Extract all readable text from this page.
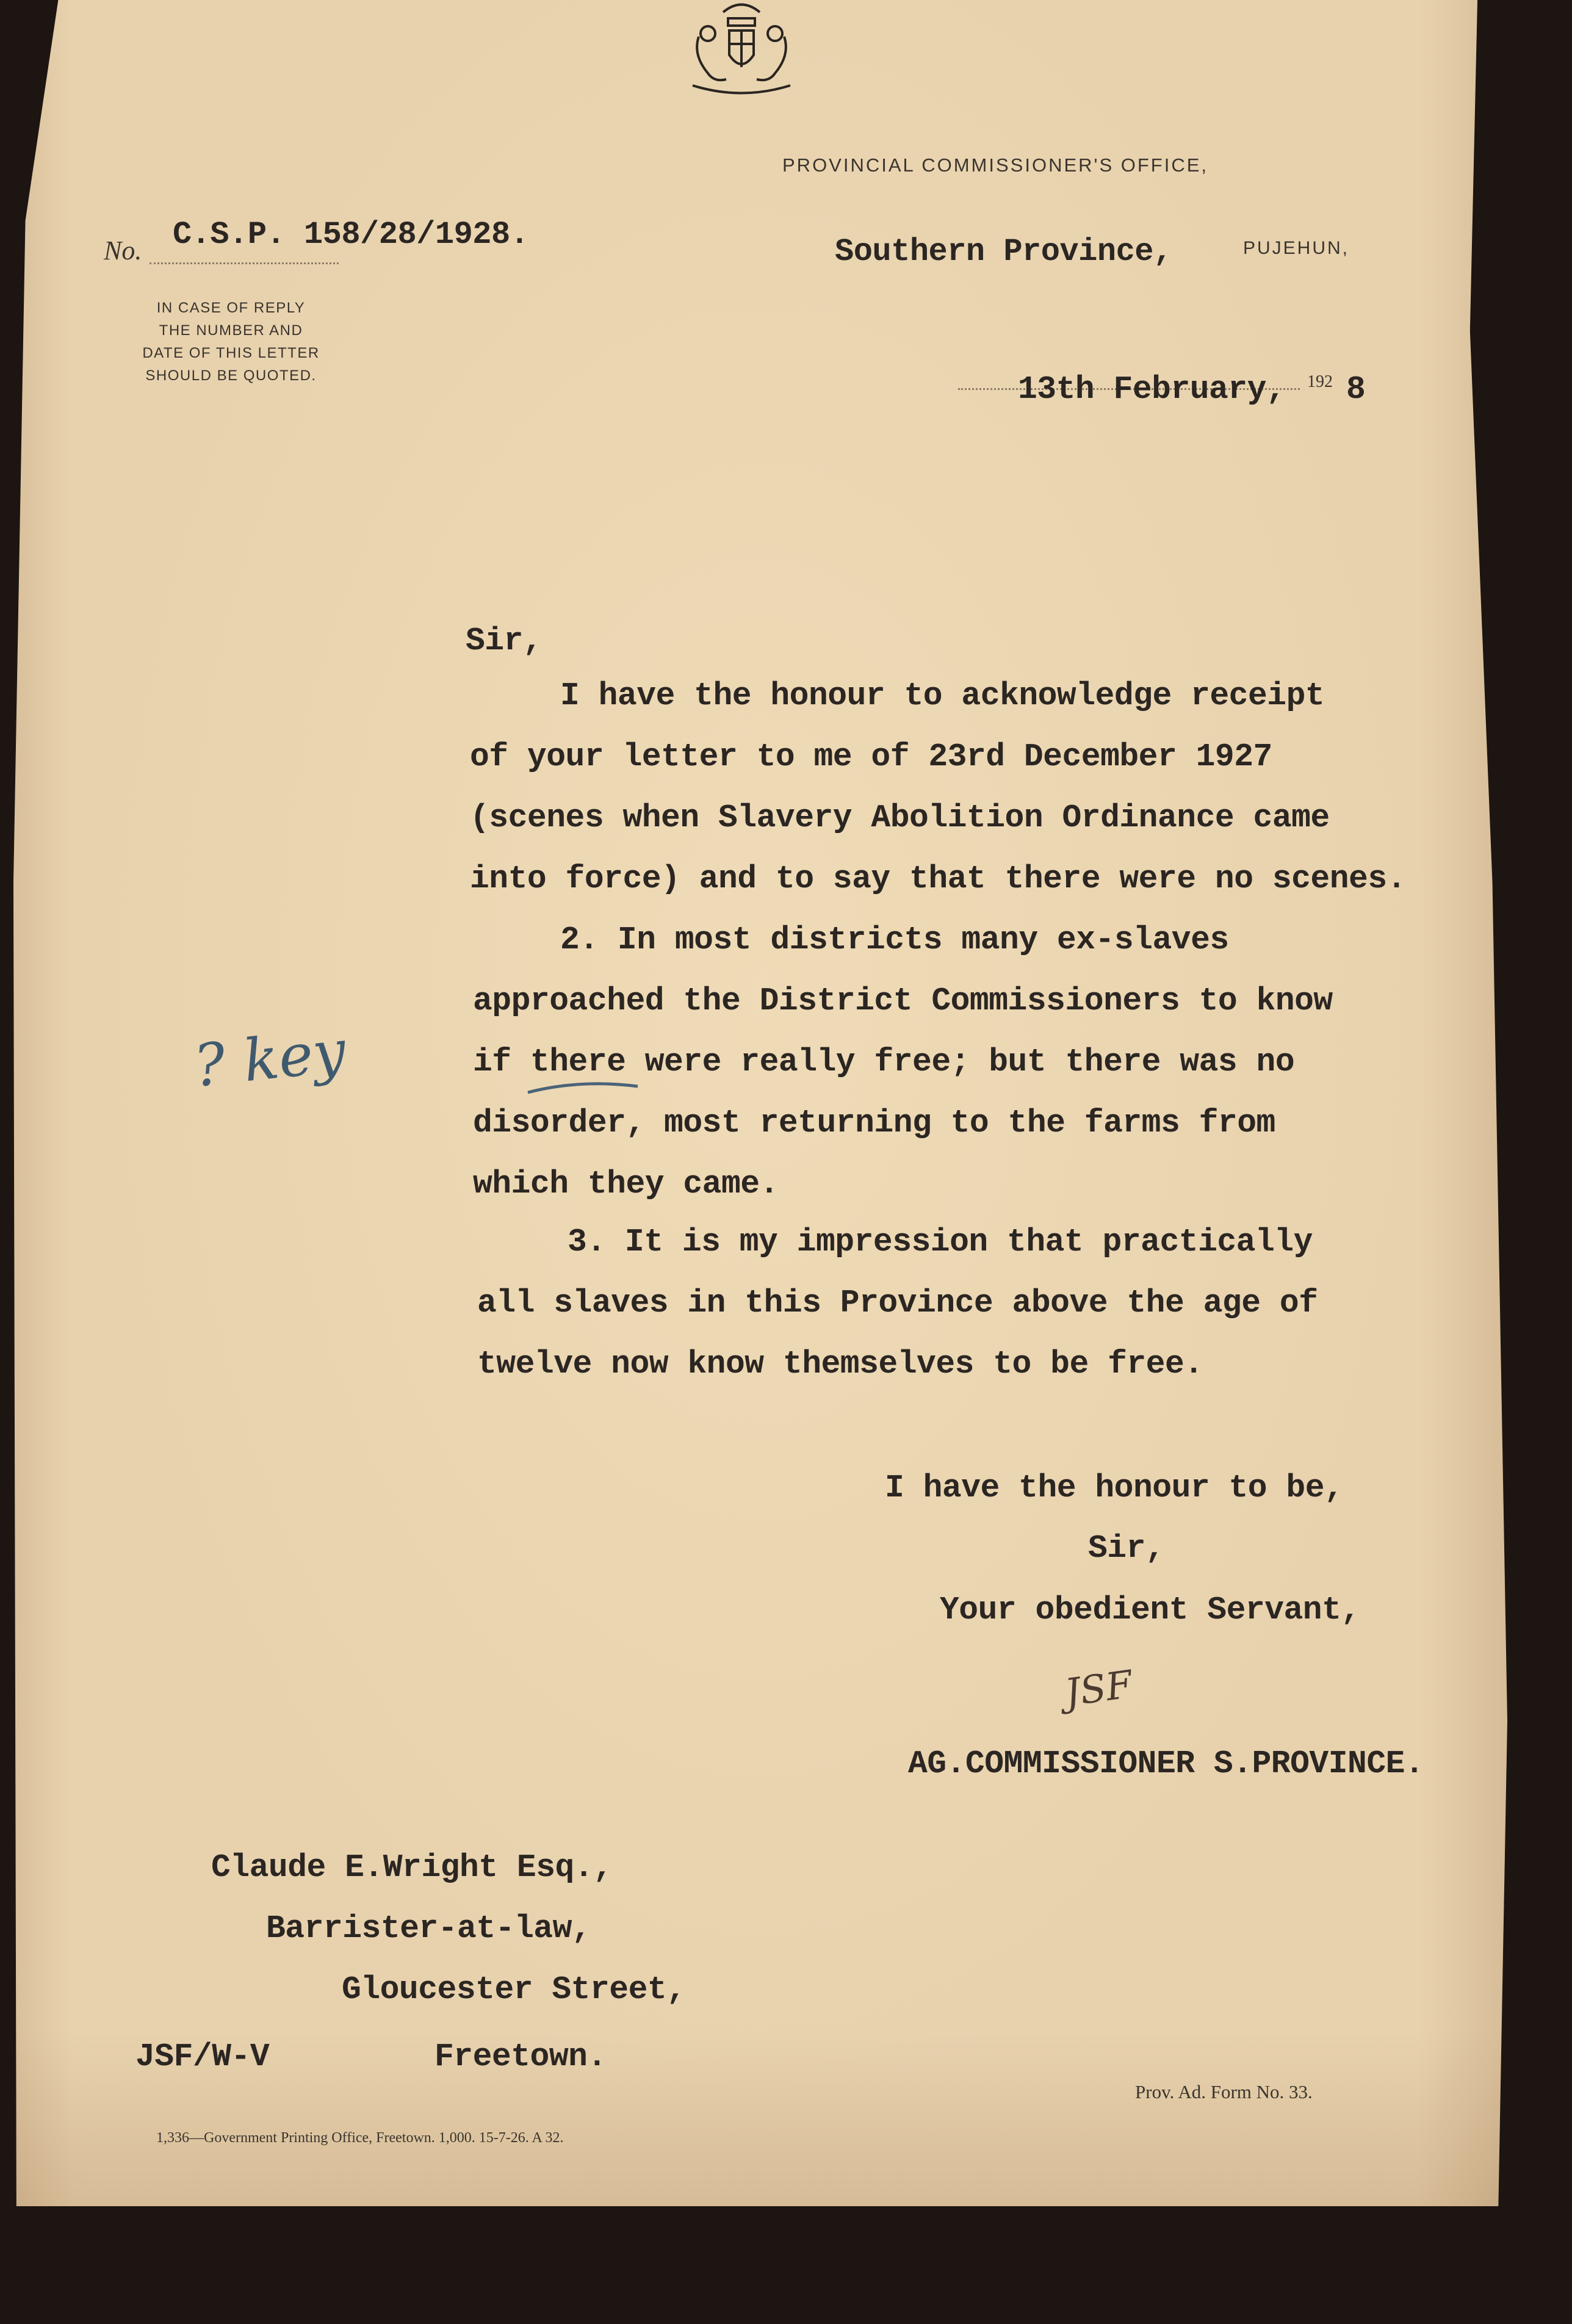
PROVINCIAL COMMISSIONER'S OFFICE,
No. C.S.P. 158/28/1928.	Southern Province,	PUJEHUN,
IN CASE OF REPLY
THE NUMBER AND
DATE OF THIS LETTER
SHOULD BE QUOTED.	13th February, 192 8
Sir,
I have the honour to acknowledge receipt
of your letter to me of 23rd December 1927
(scenes when Slavery Abolition Ordinance came
into force) and to say that there were no scenes.
2. In most districts many ex-slaves
approached the District Commissioners to know
if there were really free; but there was no
disorder, most returning to the farms from
which they came.
3. It is my impression that practically
all slaves in this Province above the age of
twelve now know themselves to be free.
? key
I have the honour to be,
Sir,
Your obedient Servant,
JSF
AG.COMMISSIONER S.PROVINCE.
Claude E.Wright Esq.,
Barrister-at-law,
Gloucester Street,
Freetown.
JSF/W-V
Prov. Ad. Form No. 33.
1,336—Government Printing Office, Freetown. 1,000. 15-7-26. A 32.
